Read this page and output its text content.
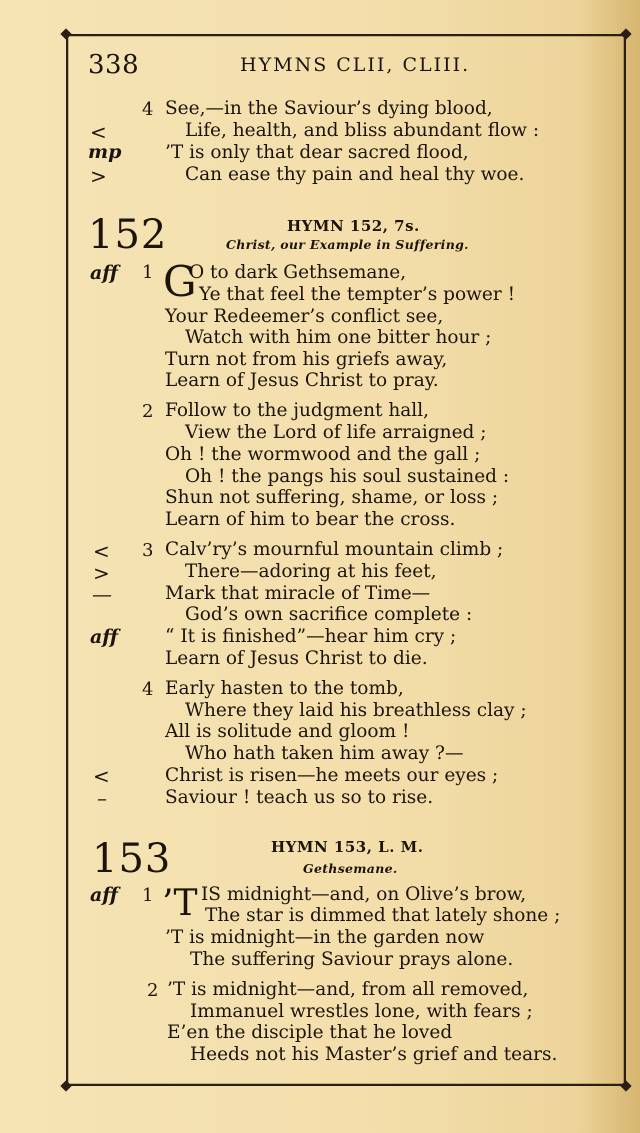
338	HYMNS CLII, CLIII.
4 See,—in the Saviour’s dying blood,
<	Life, health, and bliss abundant flow :
mp ’T is only that dear sacred flood,
>	Can ease thy pain and heal thy woe.
152	HYMN 152, 7s.
Christ, our Example in Suffering.
aff 1 G
O to dark Gethsemane,
Ye that feel the tempter’s power !
Your Redeemer’s conflict see,
Watch with him one bitter hour ;
Turn not from his griefs away,
Learn of Jesus Christ to pray.
2 Follow to the judgment hall,
View the Lord of life arraigned ;
Oh ! the wormwood and the gall ;
Oh ! the pangs his soul sustained :
Shun not suffering, shame, or loss ;
Learn of him to bear the cross.
< 3 Calv’ry’s mournful mountain climb ;
>	There—adoring at his feet,
—	Mark that miracle of Time—
God’s own sacrifice complete :
aff	“ It is finished”—hear him cry ;
Learn of Jesus Christ to die.
4 Early hasten to the tomb,
Where they laid his breathless clay ;
All is solitude and gloom !
Who hath taken him away ?—
<	Christ is risen—he meets our eyes ;
–	Saviour ! teach us so to rise.
153	HYMN 153, L. M.
Gethsemane.
aff 1 ’T IS midnight—and, on Olive’s brow,
The star is dimmed that lately shone ;
’T is midnight—in the garden now
The suffering Saviour prays alone.
2 ’T is midnight—and, from all removed,
Immanuel wrestles lone, with fears ;
E’en the disciple that he loved
Heeds not his Master’s grief and tears.
